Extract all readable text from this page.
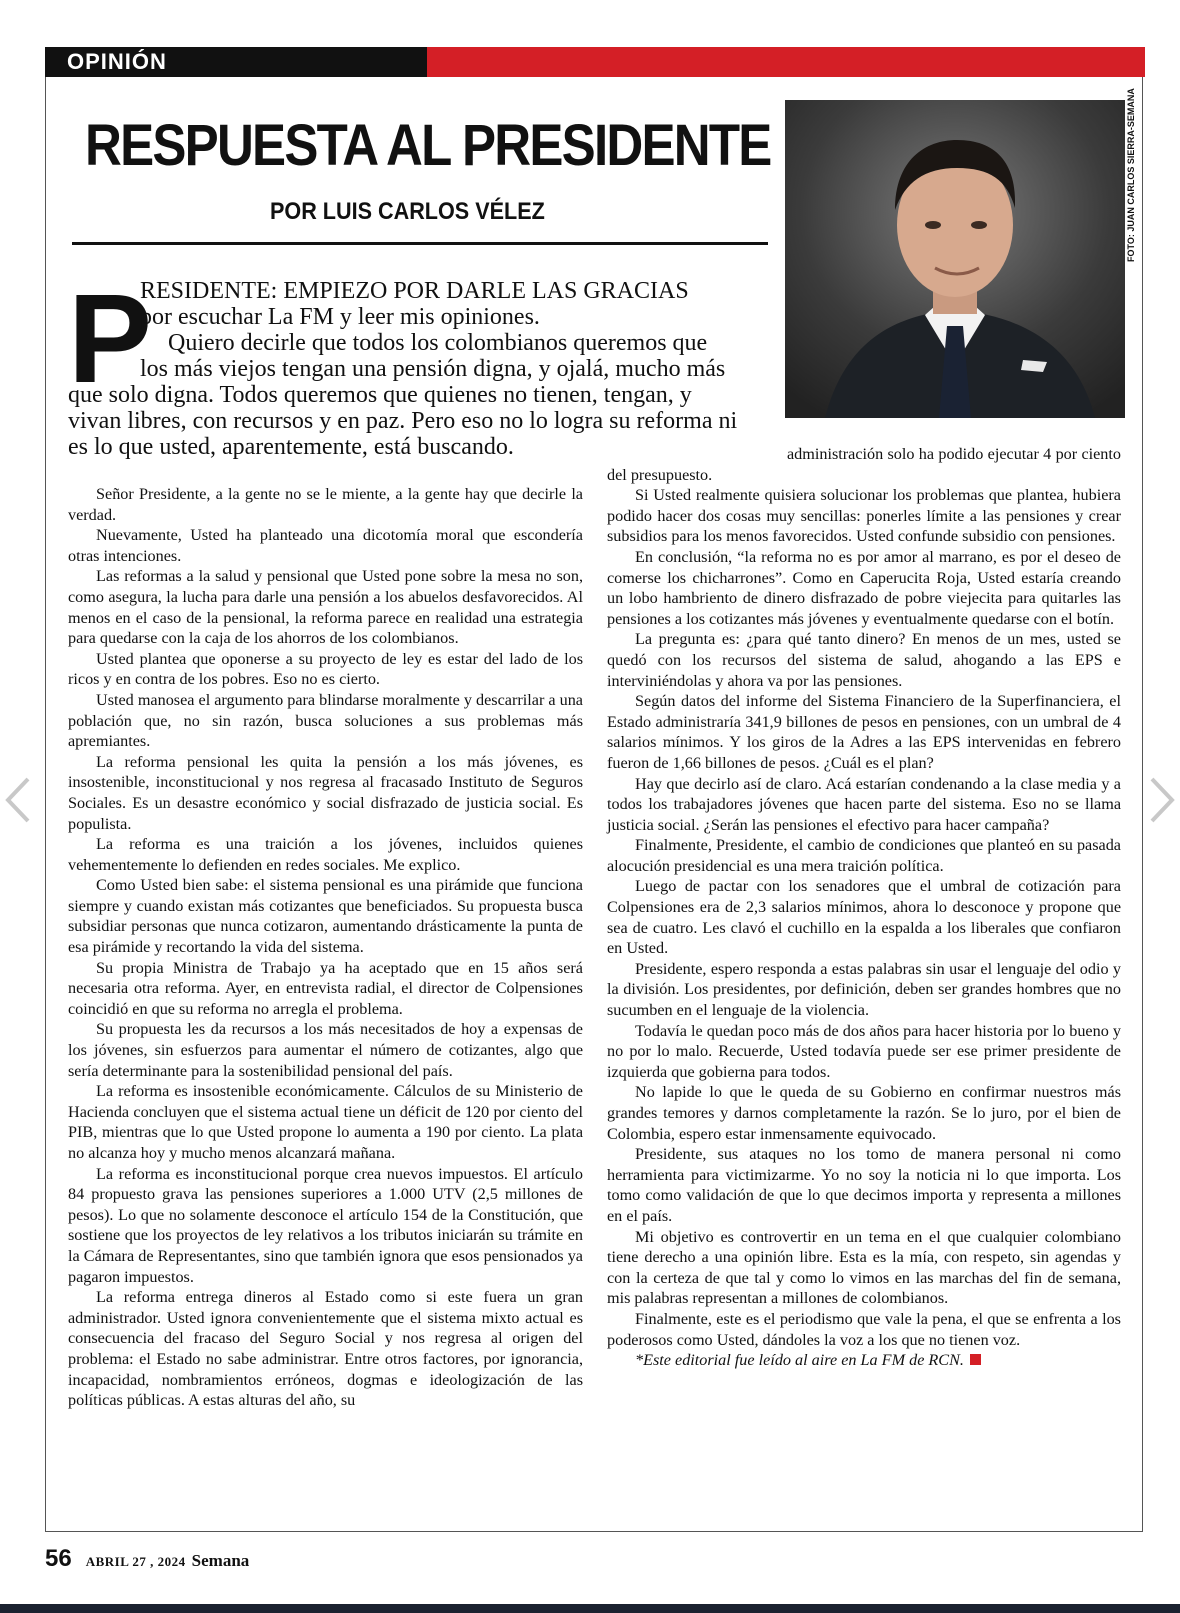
OPINIÓN
RESPUESTA AL PRESIDENTE
POR LUIS CARLOS VÉLEZ	FOTO: JUAN CARLOS SIERRA-SEMANA
P
RESIDENTE: EMPIEZO POR DARLE LAS GRACIAS
por escuchar La FM y leer mis opiniones.
Quiero decirle que todos los colombianos queremos que
los más viejos tengan una pensión digna, y ojalá, mucho más
que solo digna. Todos queremos que quienes no tienen, tengan, y
vivan libres, con recursos y en paz. Pero eso no lo logra su reforma ni
es lo que usted, aparentemente, está buscando.

Señor Presidente, a la gente no se le miente, a la gente hay que decirle la verdad.

Nuevamente, Usted ha planteado una dicotomía moral que escondería otras intenciones.

Las reformas a la salud y pensional que Usted pone sobre la mesa no son, como asegura, la lucha para darle una pensión a los abuelos desfavorecidos. Al menos en el caso de la pensional, la reforma parece en realidad una estrategia para quedarse con la caja de los ahorros de los colombianos.

Usted plantea que oponerse a su proyecto de ley es estar del lado de los ricos y en contra de los pobres. Eso no es cierto.

Usted manosea el argumento para blindarse moralmente y descarrilar a una población que, no sin razón, busca soluciones a sus problemas más apremiantes.

La reforma pensional les quita la pensión a los más jóvenes, es insostenible, inconstitucional y nos regresa al fracasado Instituto de Seguros Sociales. Es un desastre económico y social disfrazado de justicia social. Es populista.

La reforma es una traición a los jóvenes, incluidos quienes vehementemente lo defienden en redes sociales. Me explico.

Como Usted bien sabe: el sistema pensional es una pirámide que funciona siempre y cuando existan más cotizantes que beneficiados. Su propuesta busca subsidiar personas que nunca cotizaron, aumentando drásticamente la punta de esa pirámide y recortando la vida del sistema.

Su propia Ministra de Trabajo ya ha aceptado que en 15 años será necesaria otra reforma. Ayer, en entrevista radial, el director de Colpensiones coincidió en que su reforma no arregla el problema.

Su propuesta les da recursos a los más necesitados de hoy a expensas de los jóvenes, sin esfuerzos para aumentar el número de cotizantes, algo que sería determinante para la sostenibilidad pensional del país.

La reforma es insostenible económicamente. Cálculos de su Ministerio de Hacienda concluyen que el sistema actual tiene un déficit de 120 por ciento del PIB, mientras que lo que Usted propone lo aumenta a 190 por ciento. La plata no alcanza hoy y mucho menos alcanzará mañana.

La reforma es inconstitucional porque crea nuevos impuestos. El artículo 84 propuesto grava las pensiones superiores a 1.000 UTV (2,5 millones de pesos). Lo que no solamente desconoce el artículo 154 de la Constitución, que sostiene que los proyectos de ley relativos a los tributos iniciarán su trámite en la Cámara de Representantes, sino que también ignora que esos pensionados ya pagaron impuestos.

La reforma entrega dineros al Estado como si este fuera un gran administrador. Usted ignora convenientemente que el sistema mixto actual es consecuencia del fracaso del Seguro Social y nos regresa al origen del problema: el Estado no sabe administrar. Entre otros factores, por ignorancia, incapacidad, nombramientos erróneos, dogmas e ideologización de las políticas públicas. A estas alturas del año, su

administración solo ha podido ejecutar 4 por ciento del presupuesto.

Si Usted realmente quisiera solucionar los problemas que plantea, hubiera podido hacer dos cosas muy sencillas: ponerles límite a las pensiones y crear subsidios para los menos favorecidos. Usted confunde subsidio con pensiones.

En conclusión, “la reforma no es por amor al marrano, es por el deseo de comerse los chicharrones”. Como en Caperucita Roja, Usted estaría creando un lobo hambriento de dinero disfrazado de pobre viejecita para quitarles las pensiones a los cotizantes más jóvenes y eventualmente quedarse con el botín.

La pregunta es: ¿para qué tanto dinero? En menos de un mes, usted se quedó con los recursos del sistema de salud, ahogando a las EPS e interviniéndolas y ahora va por las pensiones.

Según datos del informe del Sistema Financiero de la Superfinanciera, el Estado administraría 341,9 billones de pesos en pensiones, con un umbral de 4 salarios mínimos. Y los giros de la Adres a las EPS intervenidas en febrero fueron de 1,66 billones de pesos. ¿Cuál es el plan?

Hay que decirlo así de claro. Acá estarían condenando a la clase media y a todos los trabajadores jóvenes que hacen parte del sistema. Eso no se llama justicia social. ¿Serán las pensiones el efectivo para hacer campaña?

Finalmente, Presidente, el cambio de condiciones que planteó en su pasada alocución presidencial es una mera traición política.

Luego de pactar con los senadores que el umbral de cotización para Colpensiones era de 2,3 salarios mínimos, ahora lo desconoce y propone que sea de cuatro. Les clavó el cuchillo en la espalda a los liberales que confiaron en Usted.

Presidente, espero responda a estas palabras sin usar el lenguaje del odio y la división. Los presidentes, por definición, deben ser grandes hombres que no sucumben en el lenguaje de la violencia.

Todavía le quedan poco más de dos años para hacer historia por lo bueno y no por lo malo. Recuerde, Usted todavía puede ser ese primer presidente de izquierda que gobierna para todos.

No lapide lo que le queda de su Gobierno en confirmar nuestros más grandes temores y darnos completamente la razón. Se lo juro, por el bien de Colombia, espero estar inmensamente equivocado.

Presidente, sus ataques no los tomo de manera personal ni como herramienta para victimizarme. Yo no soy la noticia ni lo que importa. Los tomo como validación de que lo que decimos importa y representa a millones en el país.

Mi objetivo es controvertir en un tema en el que cualquier colombiano tiene derecho a una opinión libre. Esta es la mía, con respeto, sin agendas y con la certeza de que tal y como lo vimos en las marchas del fin de semana, mis palabras representan a millones de colombianos.

Finalmente, este es el periodismo que vale la pena, el que se enfrenta a los poderosos como Usted, dándoles la voz a los que no tienen voz.

*Este editorial fue leído al aire en La FM de RCN.

56 ABRIL 27 , 2024 Semana
